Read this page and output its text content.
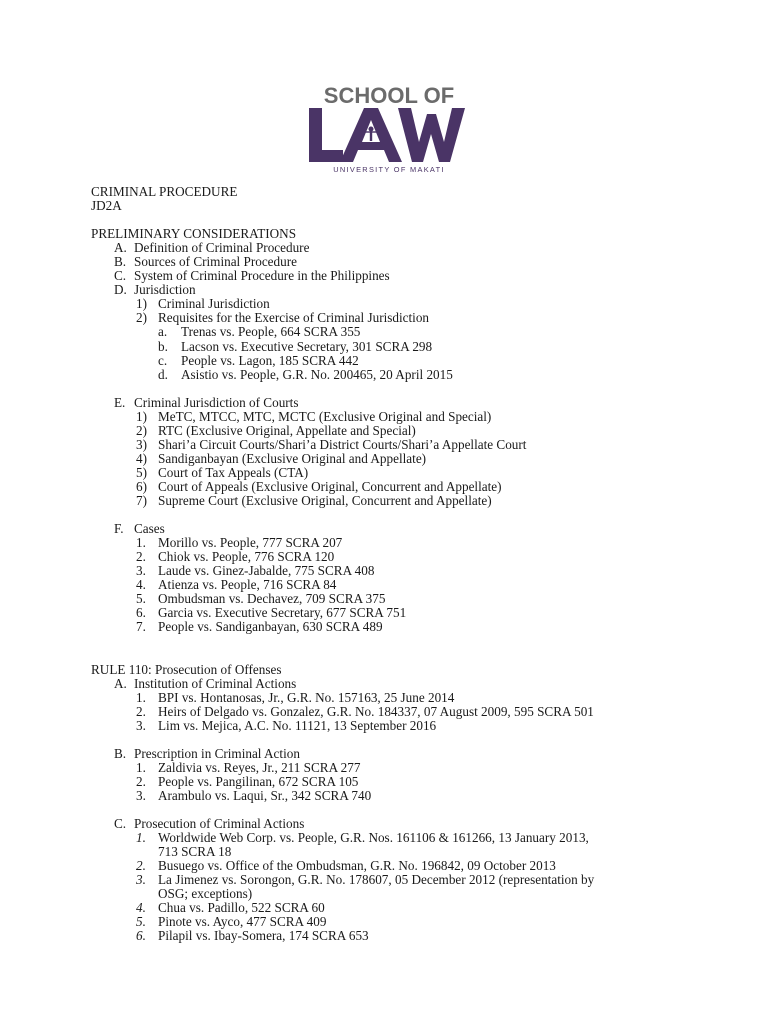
SCHOOL OF
UNIVERSITY OF MAKATI
CRIMINAL PROCEDURE
JD2A
PRELIMINARY CONSIDERATIONS
A. Definition of Criminal Procedure
B. Sources of Criminal Procedure
C. System of Criminal Procedure in the Philippines
D. Jurisdiction
1) Criminal Jurisdiction
2) Requisites for the Exercise of Criminal Jurisdiction
a. Trenas vs. People, 664 SCRA 355
b. Lacson vs. Executive Secretary, 301 SCRA 298
c. People vs. Lagon, 185 SCRA 442
d. Asistio vs. People, G.R. No. 200465, 20 April 2015
E. Criminal Jurisdiction of Courts
1) MeTC, MTCC, MTC, MCTC (Exclusive Original and Special)
2) RTC (Exclusive Original, Appellate and Special)
3) Shari’a Circuit Courts/Shari’a District Courts/Shari’a Appellate Court
4) Sandiganbayan (Exclusive Original and Appellate)
5) Court of Tax Appeals (CTA)
6) Court of Appeals (Exclusive Original, Concurrent and Appellate)
7) Supreme Court (Exclusive Original, Concurrent and Appellate)
F. Cases
1. Morillo vs. People, 777 SCRA 207
2. Chiok vs. People, 776 SCRA 120
3. Laude vs. Ginez-Jabalde, 775 SCRA 408
4. Atienza vs. People, 716 SCRA 84
5. Ombudsman vs. Dechavez, 709 SCRA 375
6. Garcia vs. Executive Secretary, 677 SCRA 751
7. People vs. Sandiganbayan, 630 SCRA 489
RULE 110: Prosecution of Offenses
A. Institution of Criminal Actions
1. BPI vs. Hontanosas, Jr., G.R. No. 157163, 25 June 2014
2. Heirs of Delgado vs. Gonzalez, G.R. No. 184337, 07 August 2009, 595 SCRA 501
3. Lim vs. Mejica, A.C. No. 11121, 13 September 2016
B. Prescription in Criminal Action
1. Zaldivia vs. Reyes, Jr., 211 SCRA 277
2. People vs. Pangilinan, 672 SCRA 105
3. Arambulo vs. Laqui, Sr., 342 SCRA 740
C. Prosecution of Criminal Actions
1. Worldwide Web Corp. vs. People, G.R. Nos. 161106 & 161266, 13 January 2013,
713 SCRA 18
2. Busuego vs. Office of the Ombudsman, G.R. No. 196842, 09 October 2013
3. La Jimenez vs. Sorongon, G.R. No. 178607, 05 December 2012 (representation by
OSG; exceptions)
4. Chua vs. Padillo, 522 SCRA 60
5. Pinote vs. Ayco, 477 SCRA 409
6. Pilapil vs. Ibay-Somera, 174 SCRA 653
